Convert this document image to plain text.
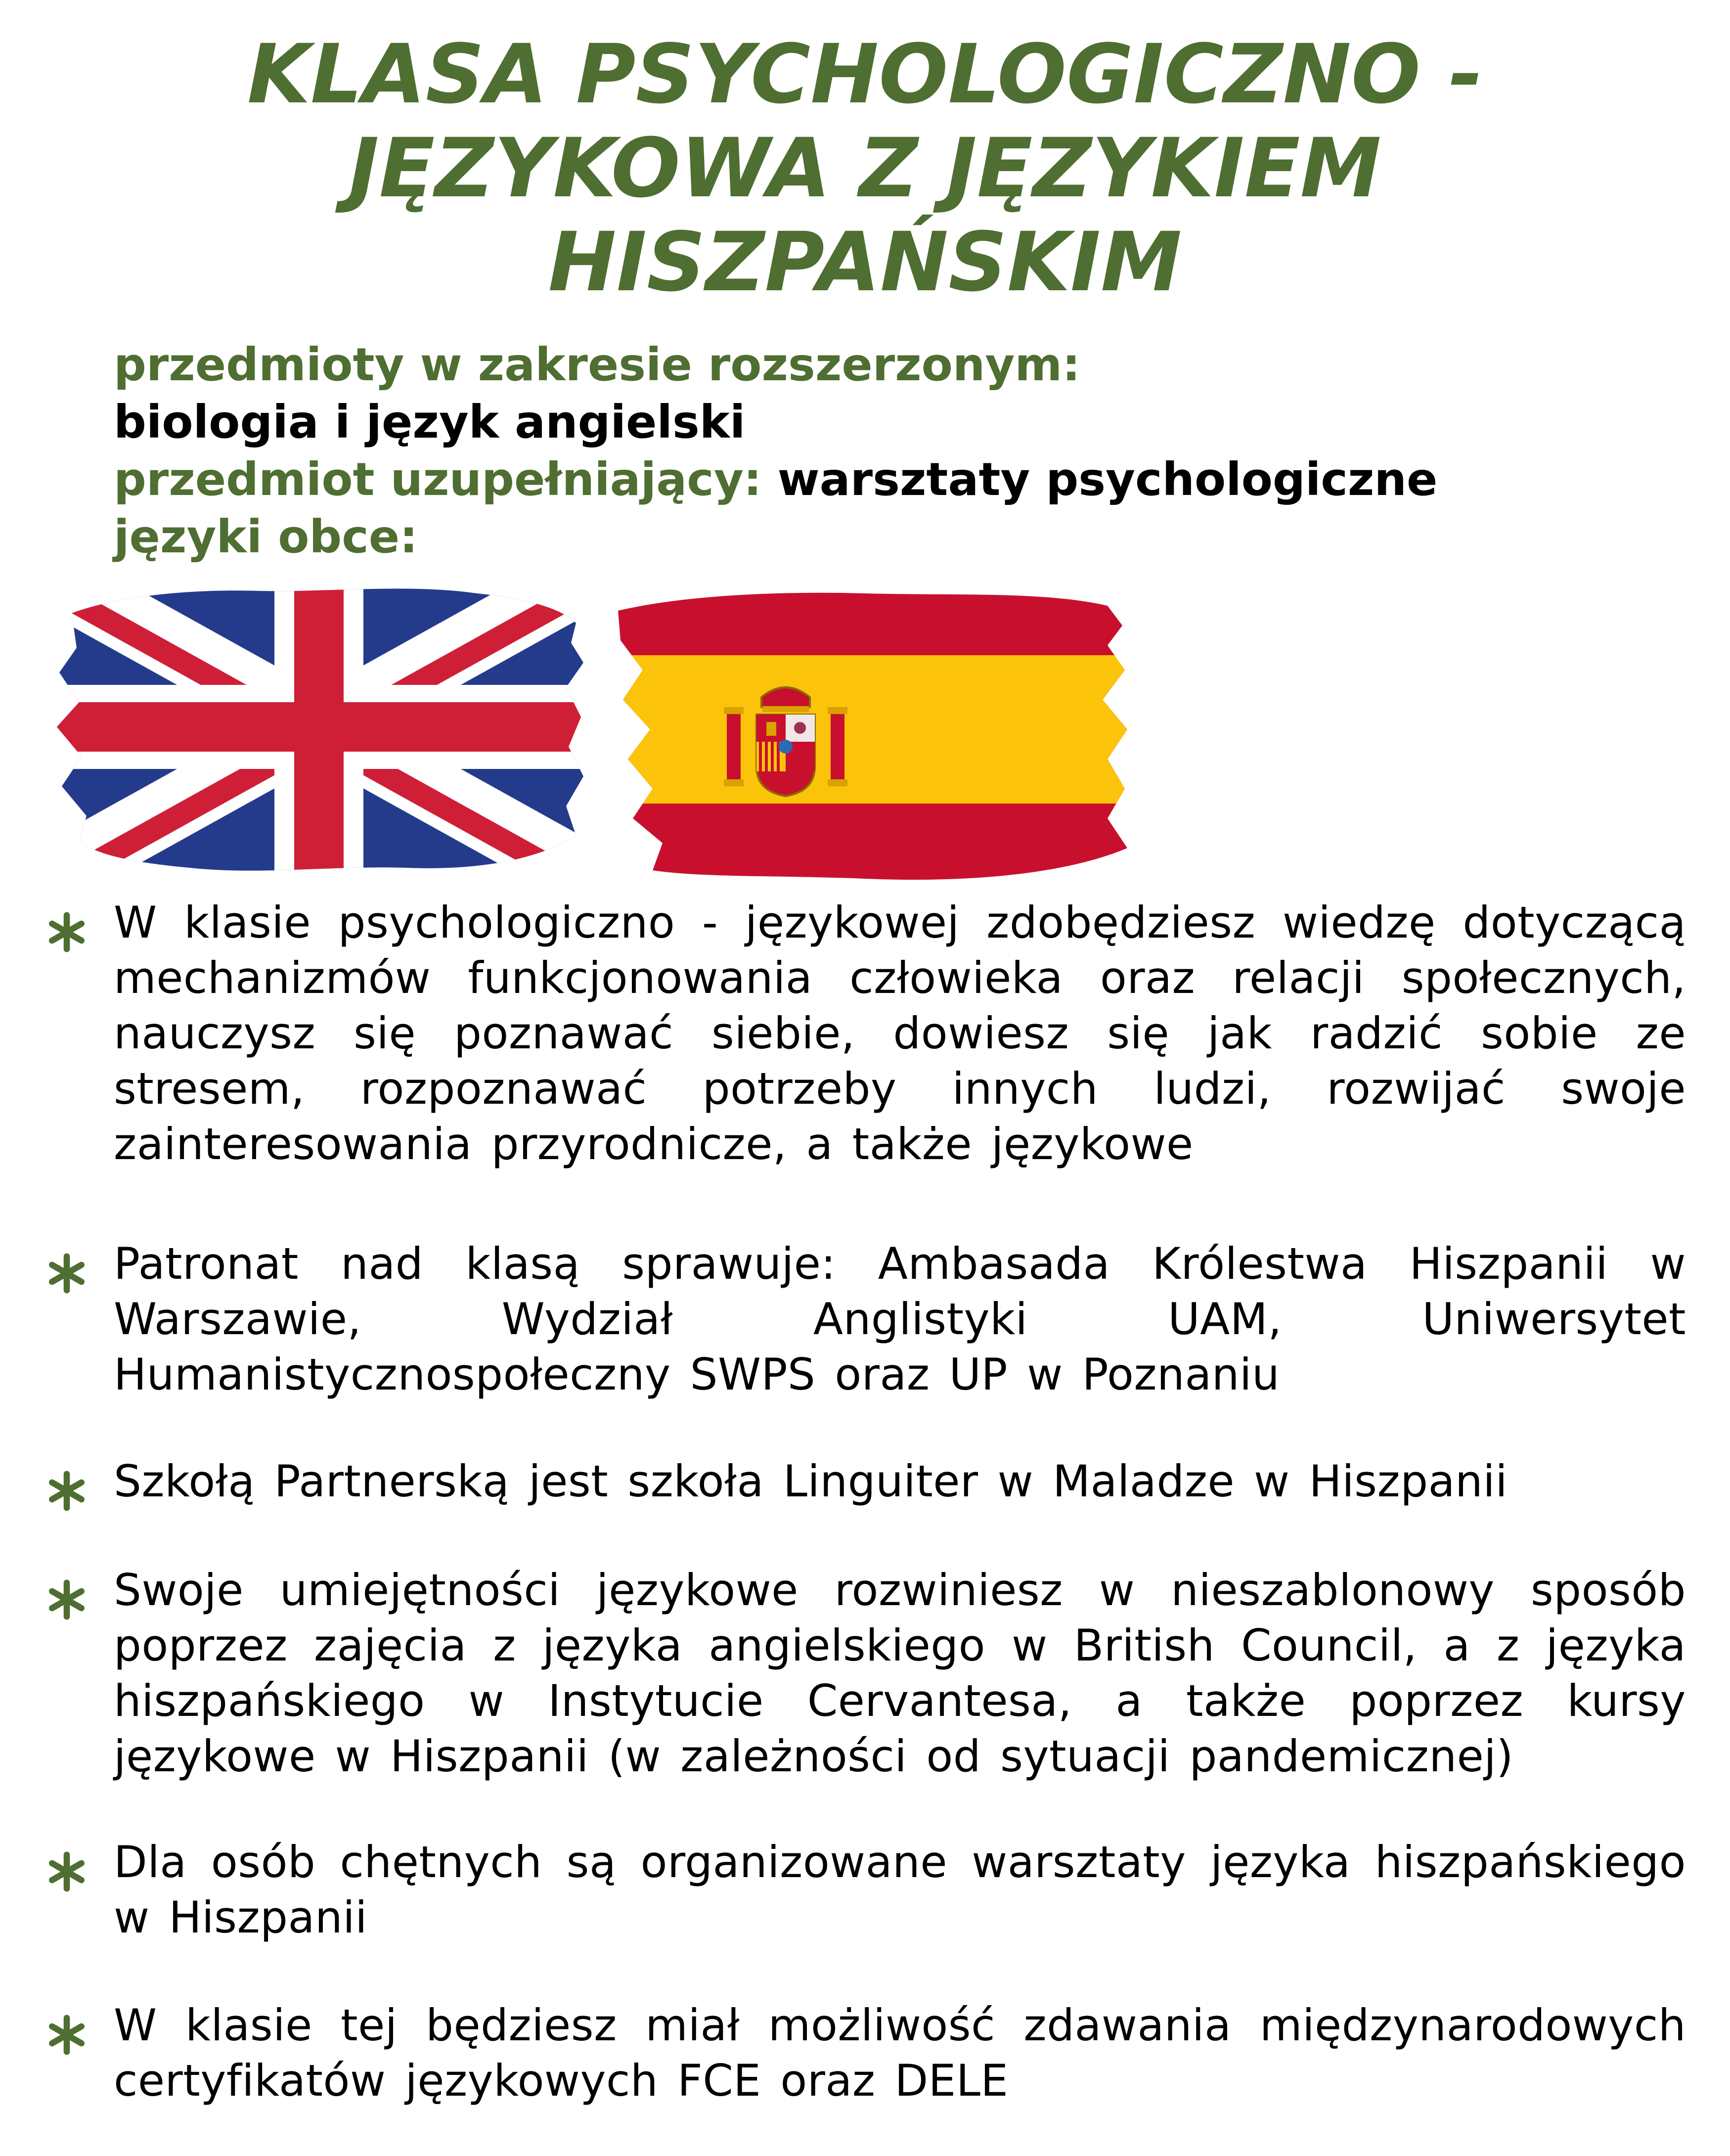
KLASA PSYCHOLOGICZNO -
JĘZYKOWA Z JĘZYKIEM
HISZPAŃSKIM
przedmioty w zakresie rozszerzonym:
biologia i język angielski
przedmiot uzupełniający: warsztaty psychologiczne
języki obce:
W klasie psychologiczno - językowej zdobędziesz wiedzę dotyczącą mechanizmów funkcjonowania człowieka oraz relacji społecznych, nauczysz się poznawać siebie, dowiesz się jak radzić sobie ze stresem, rozpoznawać potrzeby innych ludzi, rozwijać swoje zainteresowania przyrodnicze, a także językowe
Patronat nad klasą sprawuje: Ambasada Królestwa Hiszpanii w Warszawie, Wydział Anglistyki UAM, Uniwersytet Humanistycznospołeczny SWPS oraz UP w Poznaniu
Szkołą Partnerską jest szkoła Linguiter w Maladze w Hiszpanii
Swoje umiejętności językowe rozwiniesz w nieszablonowy sposób poprzez zajęcia z języka angielskiego w British Council, a z języka hiszpańskiego w Instytucie Cervantesa, a także poprzez kursy językowe w Hiszpanii (w zależności od sytuacji pandemicznej)
Dla osób chętnych są organizowane warsztaty języka hiszpańskiego w Hiszpanii
W klasie tej będziesz miał możliwość zdawania międzynarodowych certyfikatów językowych FCE oraz DELE
